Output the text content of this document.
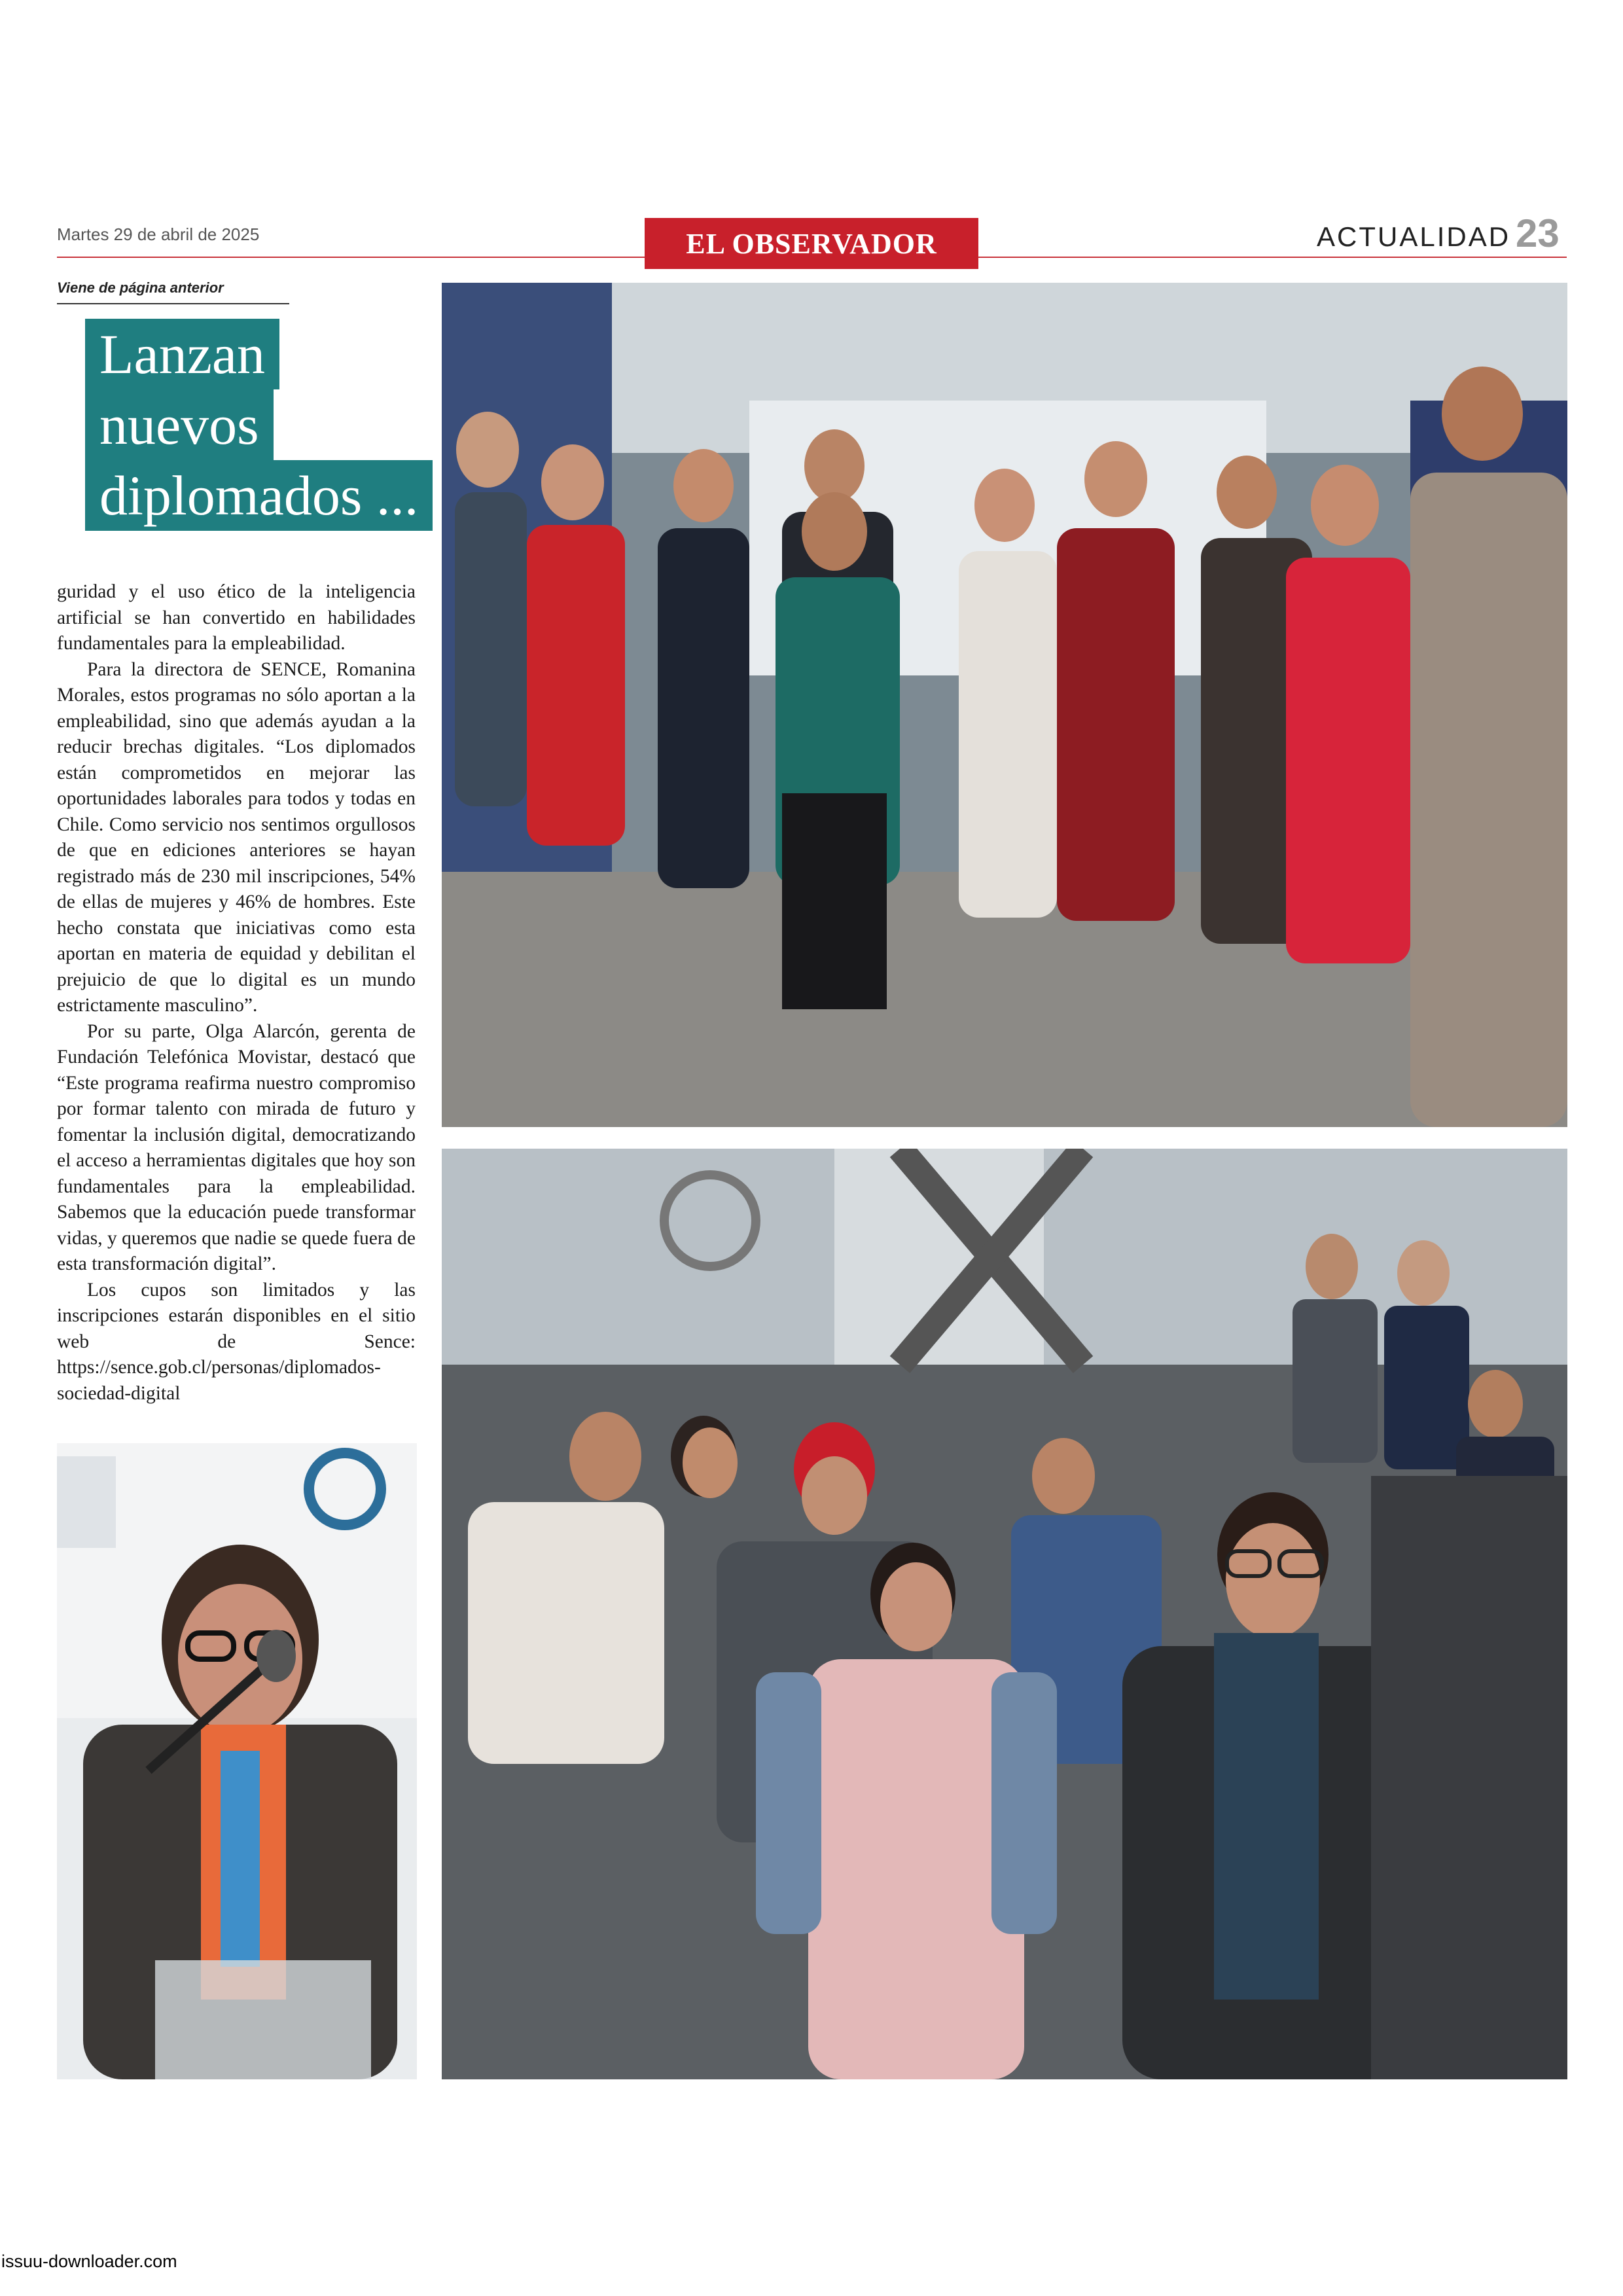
Martes 29 de abril de 2025	EL OBSERVADOR	ACTUALIDAD 23
Viene de página anterior
Lanzan
nuevos
diplomados ...

guridad y el uso ético de la inteligencia artificial se han convertido en habilidades fundamentales para la empleabilidad.

Para la directora de SENCE, Romanina Morales, estos programas no sólo aportan a la empleabilidad, sino que además ayudan a la reducir brechas digitales. “Los diplomados están comprometidos en mejorar las oportunidades laborales para todos y todas en Chile. Como servicio nos sentimos orgullosos de que en ediciones anteriores se hayan registrado más de 230 mil inscripciones, 54% de ellas de mujeres y 46% de hombres. Este hecho constata que iniciativas como esta aportan en materia de equidad y debilitan el prejuicio de que lo digital es un mundo estrictamente masculino”.

Por su parte, Olga Alarcón, gerenta de Fundación Telefónica Movistar, destacó que “Este programa reafirma nuestro compromiso por formar talento con mirada de futuro y fomentar la inclusión digital, democratizando el acceso a herramientas digitales que hoy son fundamentales para la empleabilidad. Sabemos que la educación puede transformar vidas, y queremos que nadie se quede fuera de esta transformación digital”.

Los cupos son limitados y las inscripciones estarán disponibles en el sitio web de Sence: https://sence.gob.cl/personas/diplomados-sociedad-digital

issuu-downloader.com
